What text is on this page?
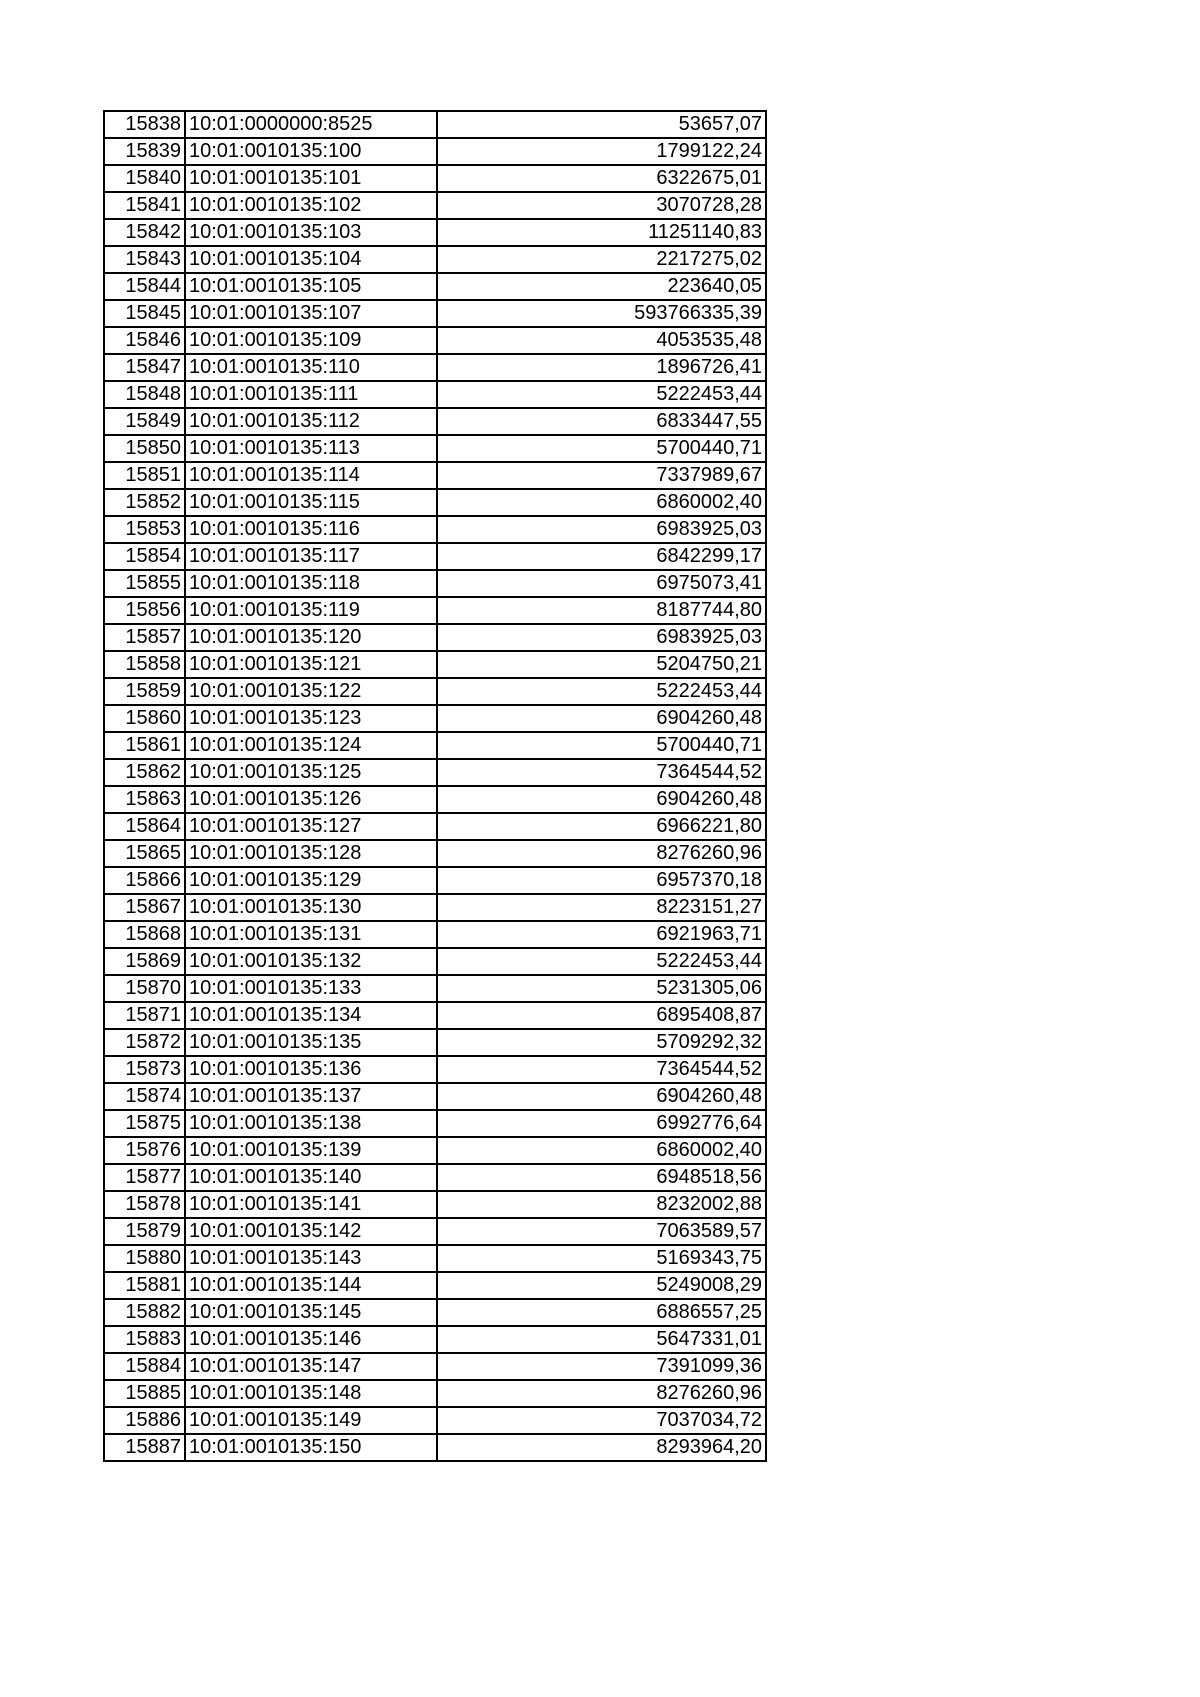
15838	10:01:0000000:8525	53657,07
15839	10:01:0010135:100	1799122,24
15840	10:01:0010135:101	6322675,01
15841	10:01:0010135:102	3070728,28
15842	10:01:0010135:103	11251140,83
15843	10:01:0010135:104	2217275,02
15844	10:01:0010135:105	223640,05
15845	10:01:0010135:107	593766335,39
15846	10:01:0010135:109	4053535,48
15847	10:01:0010135:110	1896726,41
15848	10:01:0010135:111	5222453,44
15849	10:01:0010135:112	6833447,55
15850	10:01:0010135:113	5700440,71
15851	10:01:0010135:114	7337989,67
15852	10:01:0010135:115	6860002,40
15853	10:01:0010135:116	6983925,03
15854	10:01:0010135:117	6842299,17
15855	10:01:0010135:118	6975073,41
15856	10:01:0010135:119	8187744,80
15857	10:01:0010135:120	6983925,03
15858	10:01:0010135:121	5204750,21
15859	10:01:0010135:122	5222453,44
15860	10:01:0010135:123	6904260,48
15861	10:01:0010135:124	5700440,71
15862	10:01:0010135:125	7364544,52
15863	10:01:0010135:126	6904260,48
15864	10:01:0010135:127	6966221,80
15865	10:01:0010135:128	8276260,96
15866	10:01:0010135:129	6957370,18
15867	10:01:0010135:130	8223151,27
15868	10:01:0010135:131	6921963,71
15869	10:01:0010135:132	5222453,44
15870	10:01:0010135:133	5231305,06
15871	10:01:0010135:134	6895408,87
15872	10:01:0010135:135	5709292,32
15873	10:01:0010135:136	7364544,52
15874	10:01:0010135:137	6904260,48
15875	10:01:0010135:138	6992776,64
15876	10:01:0010135:139	6860002,40
15877	10:01:0010135:140	6948518,56
15878	10:01:0010135:141	8232002,88
15879	10:01:0010135:142	7063589,57
15880	10:01:0010135:143	5169343,75
15881	10:01:0010135:144	5249008,29
15882	10:01:0010135:145	6886557,25
15883	10:01:0010135:146	5647331,01
15884	10:01:0010135:147	7391099,36
15885	10:01:0010135:148	8276260,96
15886	10:01:0010135:149	7037034,72
15887	10:01:0010135:150	8293964,20
